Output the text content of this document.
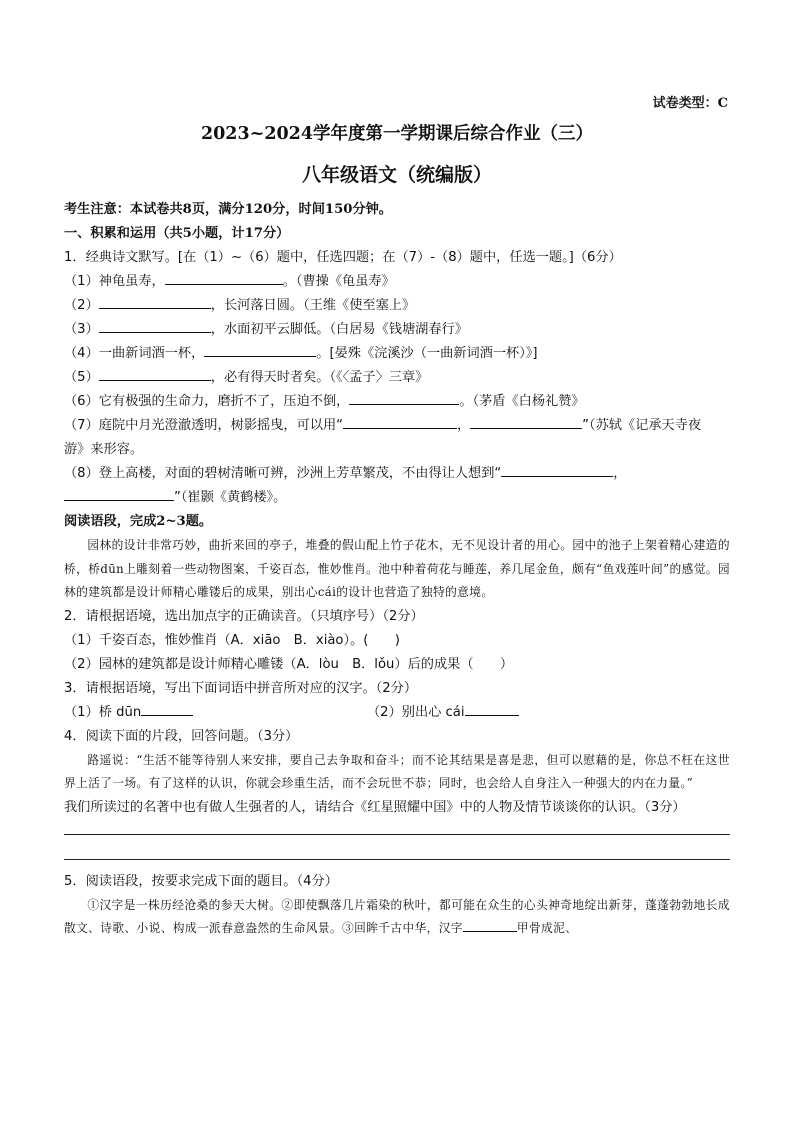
试卷类型：C
2023~2024学年度第一学期课后综合作业（三）
八年级语文（统编版）
考生注意：本试卷共8页，满分120分，时间150分钟。
一、积累和运用（共5小题，计17分）
1．经典诗文默写。[在（1）~（6）题中，任选四题；在（7）-（8）题中，任选一题。]（6分）
（1）神龟虽寿，	。（曹操《龟虽寿》
（2）	，长河落日圆。（王维《使至塞上》
（3）	，水面初平云脚低。（白居易《钱塘湖春行》
（4）一曲新词酒一杯，	。[晏殊《浣溪沙（一曲新词酒一杯）》]
（5）	，必有得天时者矣。（《〈孟子〉三章》
（6）它有极强的生命力，磨折不了，压迫不倒，	。（茅盾《白杨礼赞》
（7）庭院中月光澄澈透明，树影摇曳，可以用“	，	”（苏轼《记承天寺夜
游》来形容。
（8）登上高楼，对面的碧树清晰可辨，沙洲上芳草繁茂，不由得让人想到“	，
”（崔颢《黄鹤楼》。
阅读语段，完成2~3题。
园林的设计非常巧妙，曲折来回的亭子，堆叠的假山配上竹子花木，无不见设计者的用心。园中的池子上架着精心建造的桥，桥dūn上雕刻着一些动物图案，千姿百态，惟妙惟肖。池中种着荷花与睡莲，养几尾金鱼，颇有“鱼戏莲叶间”的感觉。园林的建筑都是设计师精心雕镂后的成果，别出心cái的设计也营造了独特的意境。
2．请根据语境，选出加点字的正确读音。（只填序号）（2分）
（1）千姿百态，惟妙惟肖（A．xiāo　B．xiào）。(　　)
（2）园林的建筑都是设计师精心雕镂（A．lòu　B．lǒu）后的成果（　　）
3．请根据语境，写出下面词语中拼音所对应的汉字。（2分）
（1）桥 dūn	（2）别出心 cái
4．阅读下面的片段，回答问题。（3分）
路遥说：“生活不能等待别人来安排，要自己去争取和奋斗；而不论其结果是喜是悲，但可以慰藉的是，你总不枉在这世界上活了一场。有了这样的认识，你就会珍重生活，而不会玩世不恭；同时，也会给人自身注入一种强大的内在力量。”
我们所读过的名著中也有做人生强者的人，请结合《红星照耀中国》中的人物及情节谈谈你的认识。（3分）
5．阅读语段，按要求完成下面的题目。（4分）
①汉字是一株历经沧桑的参天大树。②即使飘落几片霜染的秋叶，都可能在众生的心头神奇地绽出新芽，蓬蓬勃勃地长成散文、诗歌、小说、构成一派春意盎然的生命风景。③回眸千古中华，汉字	甲骨成泥、
